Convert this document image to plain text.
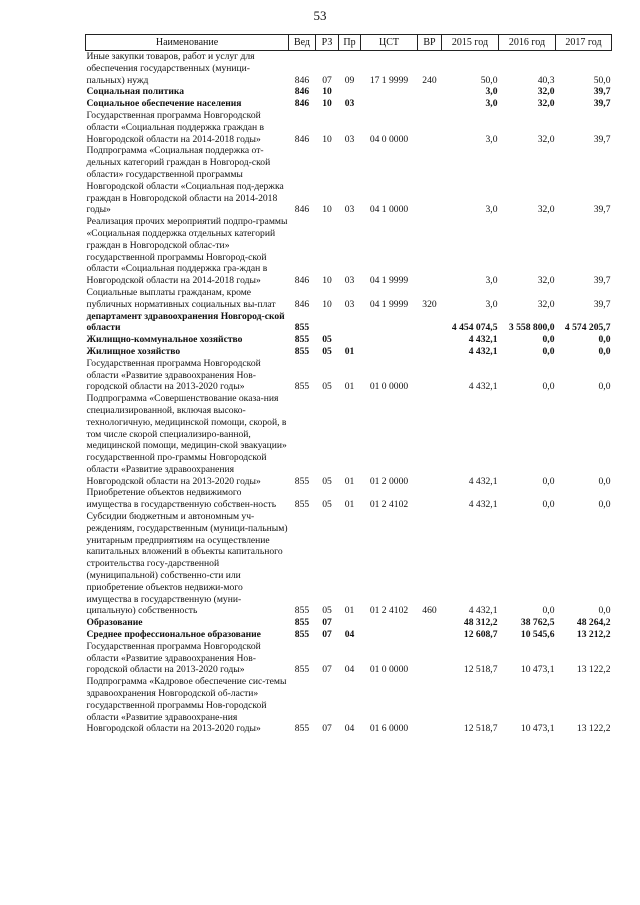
53
Наименование	Вед	РЗ	Пр	ЦСТ	ВР	2015 год	2016 год	2017 год
Иные закупки товаров, работ и услуг для обеспечения государственных (муници-пальных) нужд	846	07	09	17 1 9999	240	50,0	40,3	50,0
Социальная политика	846	10				3,0	32,0	39,7
Социальное обеспечение населения	846	10	03			3,0	32,0	39,7
Государственная программа Новгородской области «Социальная поддержка граждан в Новгородской области на 2014-2018 годы»	846	10	03	04 0 0000		3,0	32,0	39,7
Подпрограмма «Социальная поддержка от-дельных категорий граждан в Новгород-ской области» государственной программы Новгородской области «Социальная под-держка граждан в Новгородской области на 2014-2018 годы»	846	10	03	04 1 0000		3,0	32,0	39,7
Реализация прочих мероприятий подпро-граммы «Социальная поддержка отдельных категорий граждан в Новгородской облас-ти» государственной программы Новгород-ской области «Социальная поддержка гра-ждан в Новгородской области на 2014-2018 годы»	846	10	03	04 1 9999		3,0	32,0	39,7
Социальные выплаты гражданам, кроме публичных нормативных социальных вы-плат	846	10	03	04 1 9999	320	3,0	32,0	39,7
департамент здравоохранения Новгород-ской области	855					4 454 074,5	3 558 800,0	4 574 205,7
Жилищно-коммунальное хозяйство	855	05				4 432,1	0,0	0,0
Жилищное хозяйство	855	05	01			4 432,1	0,0	0,0
Государственная программа Новгородской области «Развитие здравоохранения Нов-городской области на 2013-2020 годы»	855	05	01	01 0 0000		4 432,1	0,0	0,0
Подпрограмма «Совершенствование оказа-ния специализированной, включая высоко-технологичную, медицинской помощи, скорой, в том числе скорой специализиро-ванной, медицинской помощи, медицин-ской эвакуации» государственной про-граммы Новгородской области «Развитие здравоохранения Новгородской области на 2013-2020 годы»	855	05	01	01 2 0000		4 432,1	0,0	0,0
Приобретение объектов недвижимого имущества в государственную собствен-ность	855	05	01	01 2 4102		4 432,1	0,0	0,0
Субсидии бюджетным и автономным уч-реждениям, государственным (муници-пальным) унитарным предприятиям на осуществление капитальных вложений в объекты капитального строительства госу-дарственной (муниципальной) собственно-сти или приобретение объектов недвижи-мого имущества в государственную (муни-ципальную) собственность	855	05	01	01 2 4102	460	4 432,1	0,0	0,0
Образование	855	07				48 312,2	38 762,5	48 264,2
Среднее профессиональное образование	855	07	04			12 608,7	10 545,6	13 212,2
Государственная программа Новгородской области «Развитие здравоохранения Нов-городской области на 2013-2020 годы»	855	07	04	01 0 0000		12 518,7	10 473,1	13 122,2
Подпрограмма «Кадровое обеспечение сис-темы здравоохранения Новгородской об-ласти» государственной программы Нов-городской области «Развитие здравоохране-ния Новгородской области на 2013-2020 годы»	855	07	04	01 6 0000		12 518,7	10 473,1	13 122,2
